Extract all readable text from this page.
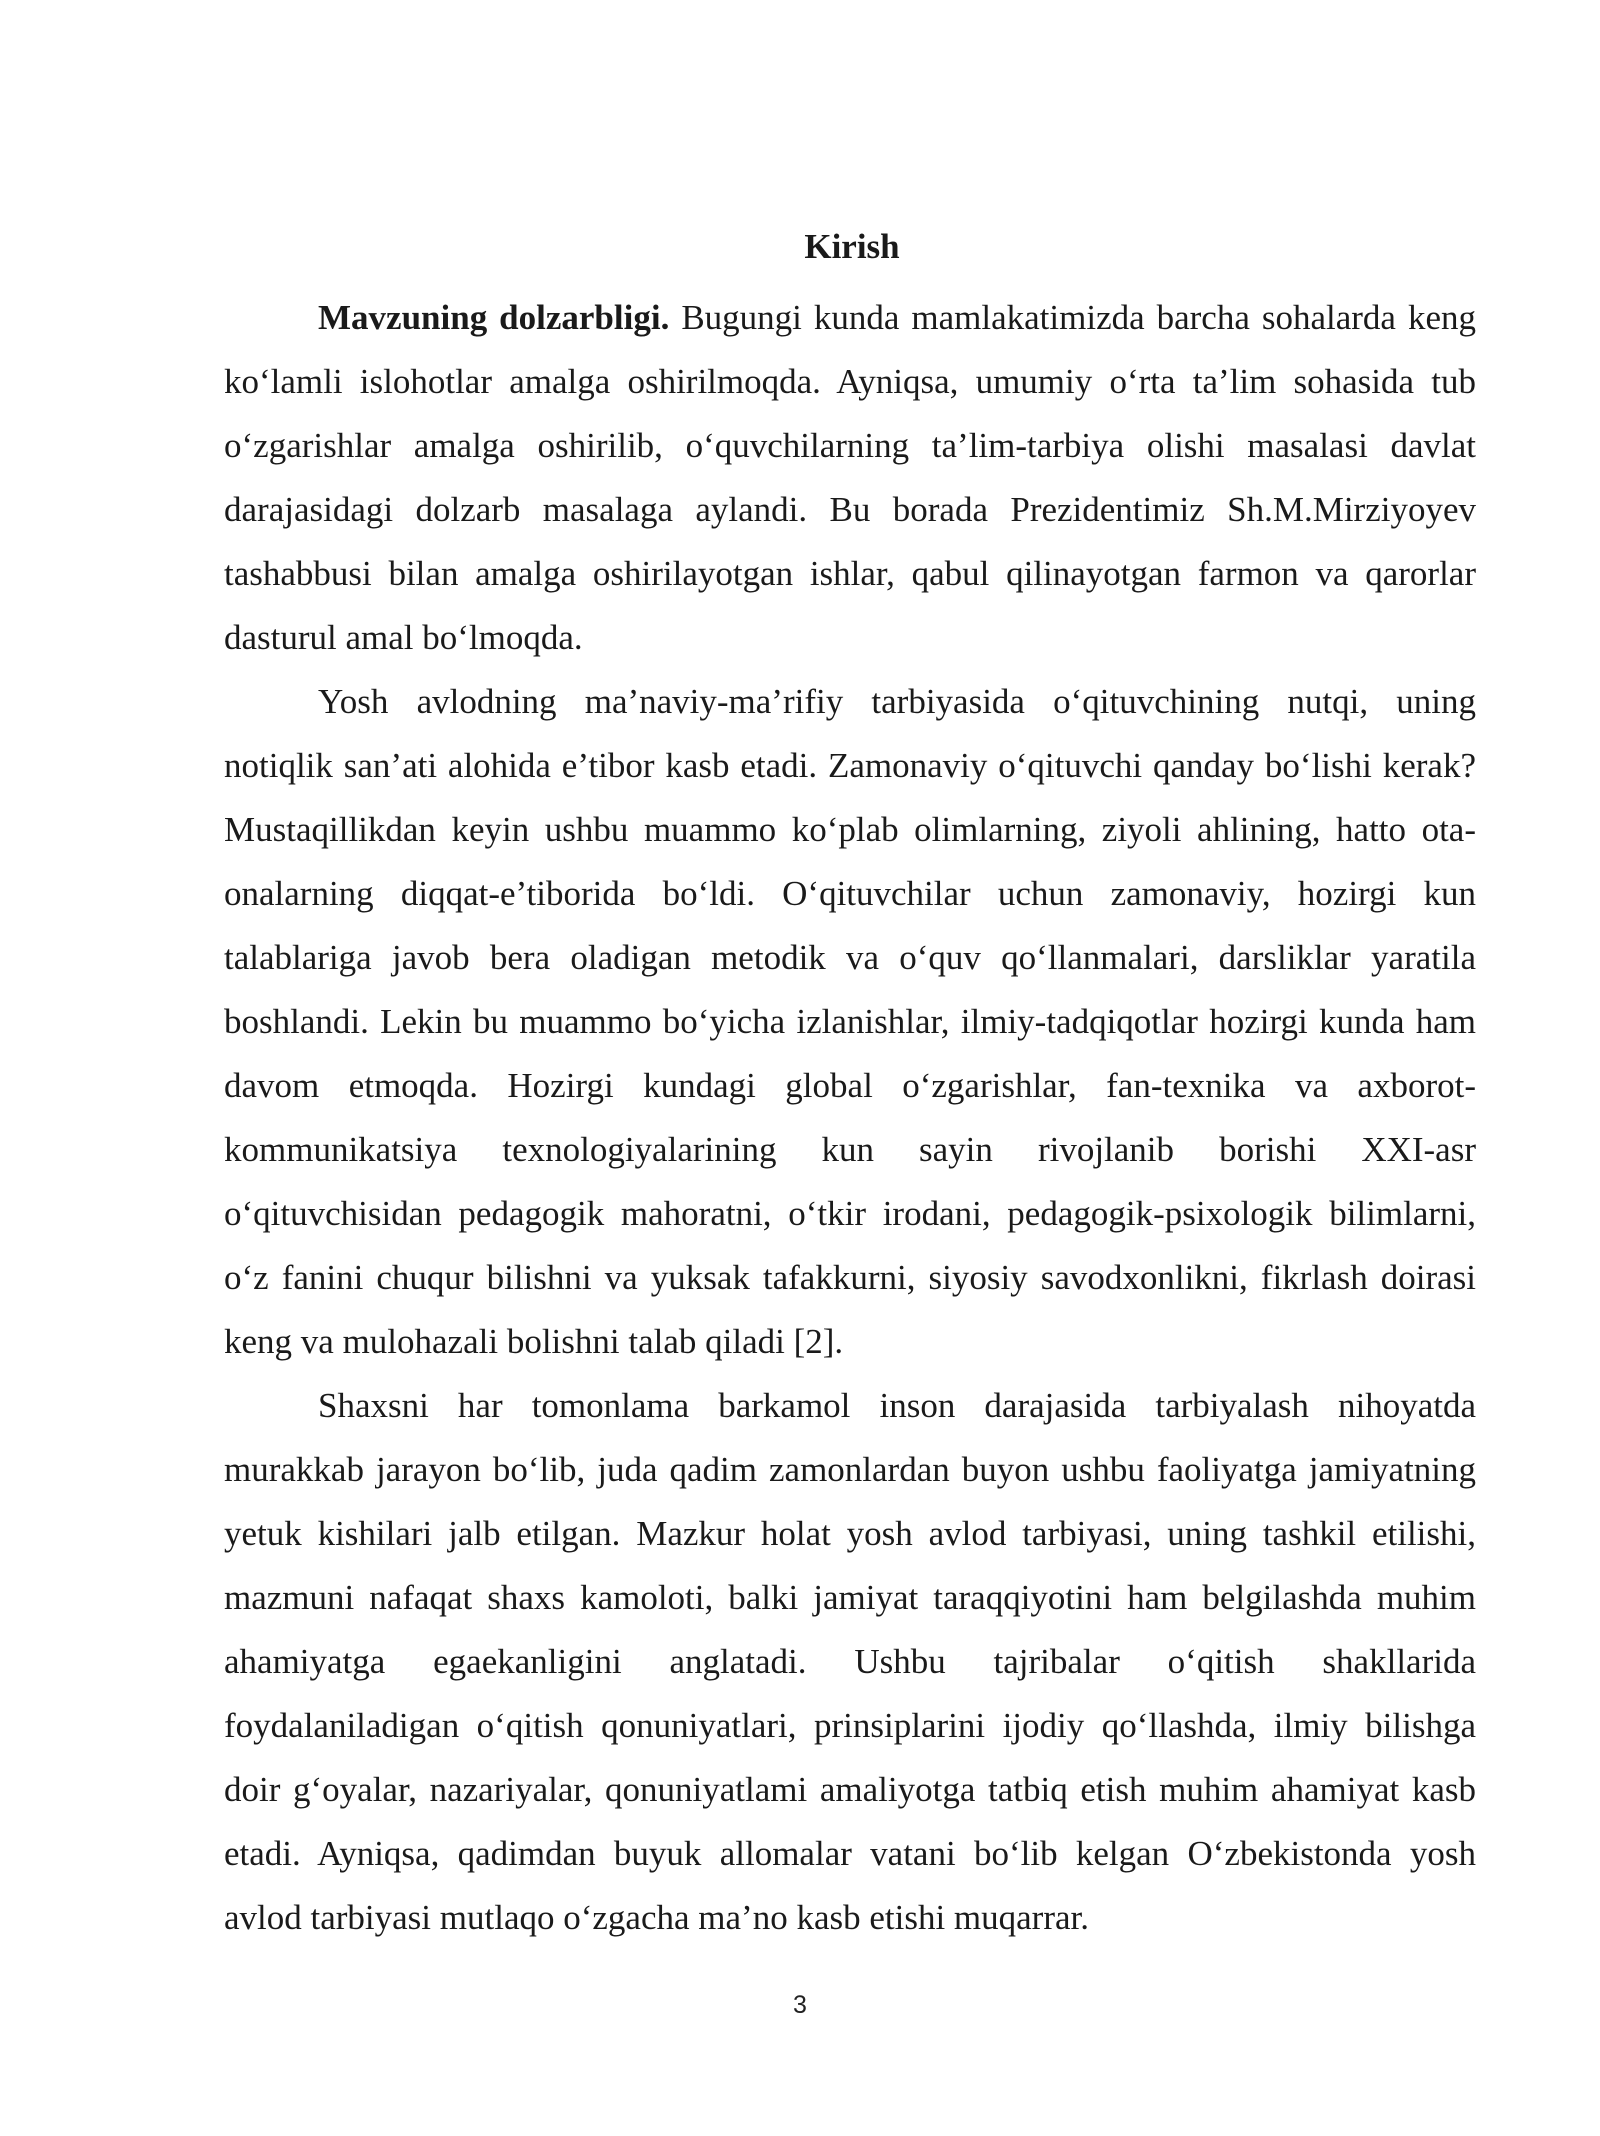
Kirish

Mavzuning dolzarbligi. Bugungi kunda mamlakatimizda barcha sohalarda keng ko‘lamli islohotlar amalga oshirilmoqda. Ayniqsa, umumiy o‘rta ta’lim sohasida tub o‘zgarishlar amalga oshirilib, o‘quvchilarning ta’lim-tarbiya olishi masalasi davlat darajasidagi dolzarb masalaga aylandi. Bu borada Prezidentimiz Sh.M.Mirziyoyev tashabbusi bilan amalga oshirilayotgan ishlar, qabul qilinayotgan farmon va qarorlar dasturul amal bo‘lmoqda.

Yosh avlodning ma’naviy-ma’rifiy tarbiyasida o‘qituvchining nutqi, uning notiqlik san’ati alohida e’tibor kasb etadi. Zamonaviy o‘qituvchi qanday bo‘lishi kerak? Mustaqillikdan keyin ushbu muammo ko‘plab olimlarning, ziyoli ahlining, hatto ota-onalarning diqqat-e’tiborida bo‘ldi. O‘qituvchilar uchun zamonaviy, hozirgi kun talablariga javob bera oladigan metodik va o‘quv qo‘llanmalari, darsliklar yaratila boshlandi. Lekin bu muammo bo‘yicha izlanishlar, ilmiy-tadqiqotlar hozirgi kunda ham davom etmoqda. Hozirgi kundagi global o‘zgarishlar, fan-texnika va axborot-kommunikatsiya texnologiyalarining kun sayin rivojlanib borishi XXI-asr o‘qituvchisidan pedagogik mahoratni, o‘tkir irodani, pedagogik-psixologik bilimlarni, o‘z fanini chuqur bilishni va yuksak tafakkurni, siyosiy savodxonlikni, fikrlash doirasi keng va mulohazali bolishni talab qiladi [2].

Shaxsni har tomonlama barkamol inson darajasida tarbiyalash nihoyatda murakkab jarayon bo‘lib, juda qadim zamonlardan buyon ushbu faoliyatga jamiyatning yetuk kishilari jalb etilgan. Mazkur holat yosh avlod tarbiyasi, uning tashkil etilishi, mazmuni nafaqat shaxs kamoloti, balki jamiyat taraqqiyotini ham belgilashda muhim ahamiyatga egaekanligini anglatadi. Ushbu tajribalar o‘qitish shakllarida foydalaniladigan o‘qitish qonuniyatlari, prinsiplarini ijodiy qo‘llashda, ilmiy bilishga doir g‘oyalar, nazariyalar, qonuniyatlami amaliyotga tatbiq etish muhim ahamiyat kasb etadi. Ayniqsa, qadimdan buyuk allomalar vatani bo‘lib kelgan O‘zbekistonda yosh avlod tarbiyasi mutlaqo o‘zgacha ma’no kasb etishi muqarrar.

3
